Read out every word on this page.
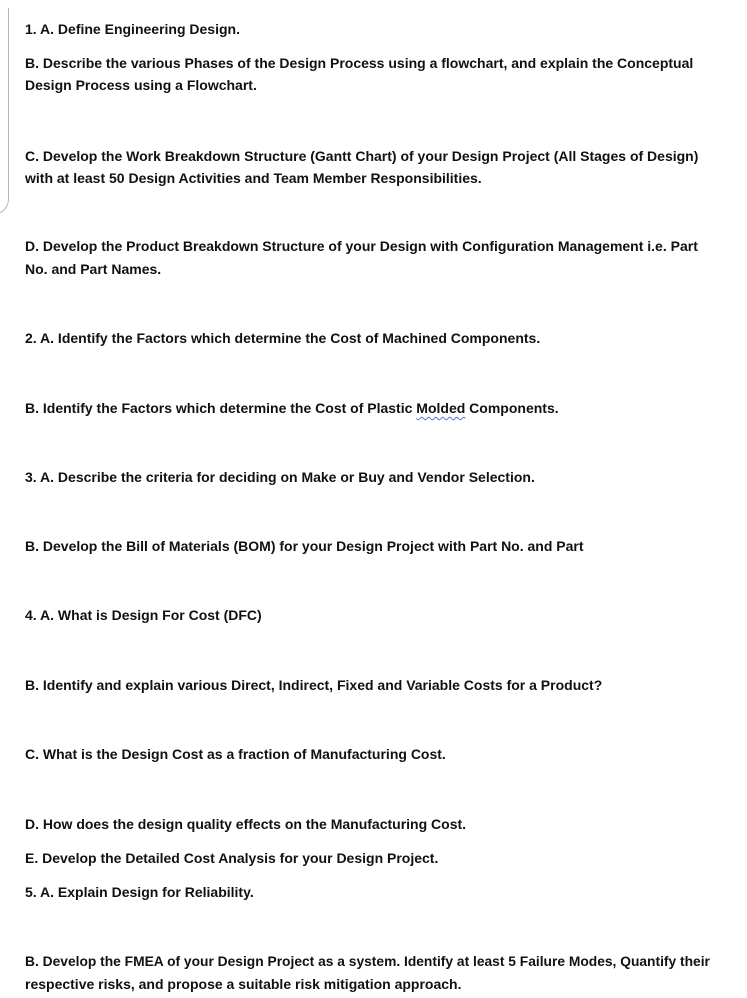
1. A. Define Engineering Design.

B. Describe the various Phases of the Design Process using a flowchart, and explain the Conceptual

Design Process using a Flowchart.

C. Develop the Work Breakdown Structure (Gantt Chart) of your Design Project (All Stages of Design)

with at least 50 Design Activities and Team Member Responsibilities.

D. Develop the Product Breakdown Structure of your Design with Configuration Management i.e. Part

No. and Part Names.

2. A. Identify the Factors which determine the Cost of Machined Components.

B. Identify the Factors which determine the Cost of Plastic Molded Components.

3. A. Describe the criteria for deciding on Make or Buy and Vendor Selection.

B. Develop the Bill of Materials (BOM) for your Design Project with Part No. and Part

4. A. What is Design For Cost (DFC)

B. Identify and explain various Direct, Indirect, Fixed and Variable Costs for a Product?

C. What is the Design Cost as a fraction of Manufacturing Cost.

D. How does the design quality effects on the Manufacturing Cost.

E. Develop the Detailed Cost Analysis for your Design Project.

5. A. Explain Design for Reliability.

B. Develop the FMEA of your Design Project as a system. Identify at least 5 Failure Modes, Quantify their

respective risks, and propose a suitable risk mitigation approach.
